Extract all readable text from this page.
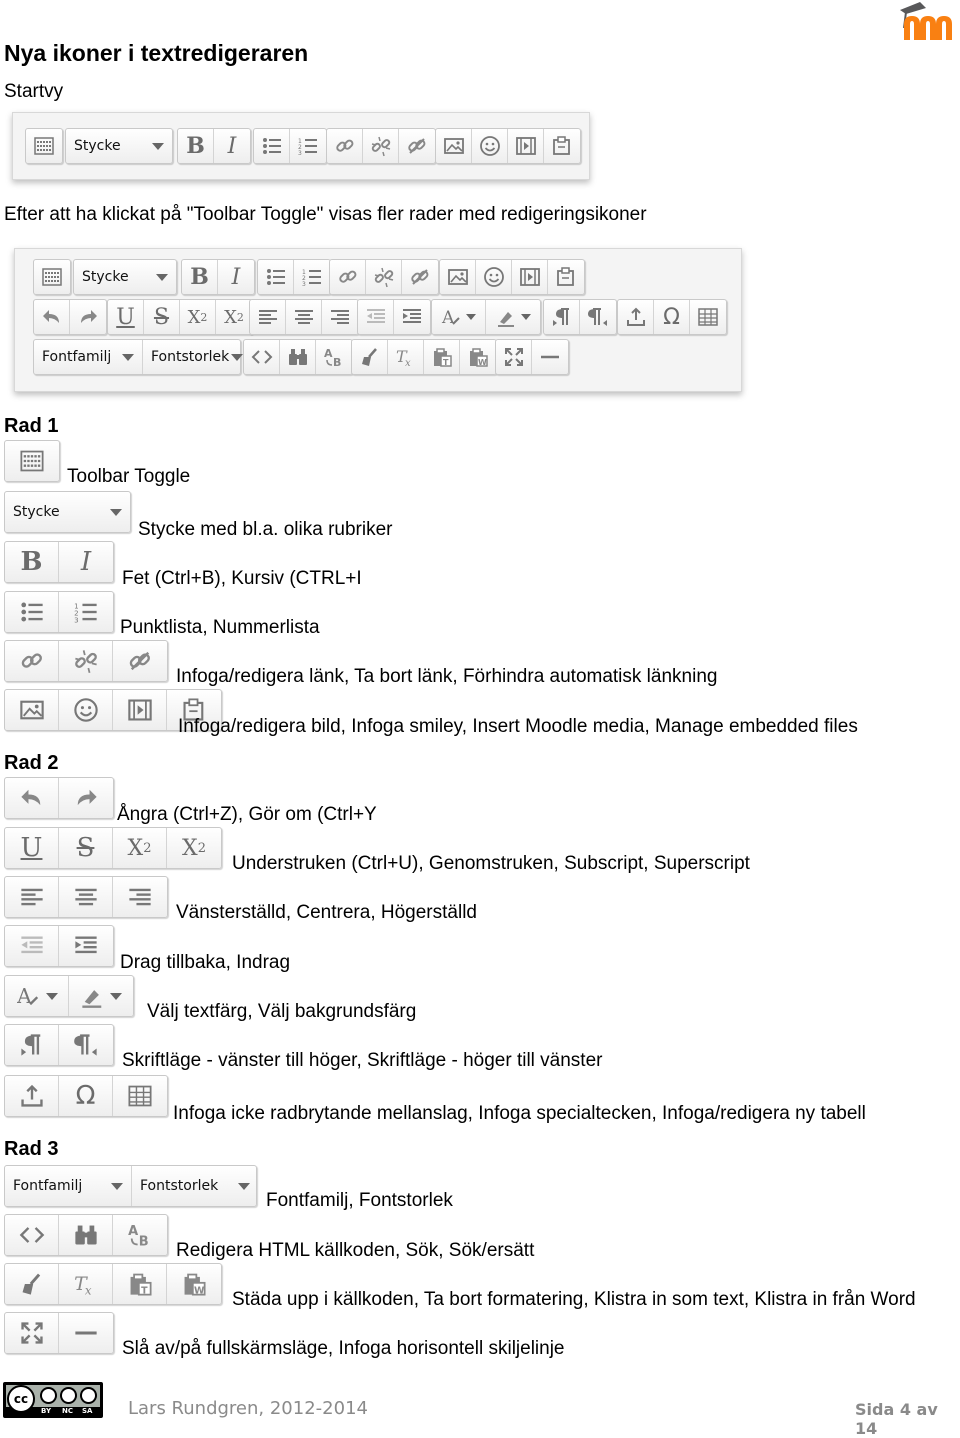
Nya ikoner i textredigeraren
Startvy
Stycke	B	I
Efter att ha klickat på "Toolbar Toggle" visas fler rader med redigeringsikoner
Stycke	B	I
U S	X 2 X 2	Ω
Fontfamilj	Fontstorlek
Rad 1
Toolbar Toggle
Stycke
Stycke med bl.a. olika rubriker
B	I
Fet (Ctrl+B), Kursiv (CTRL+I
Punktlista, Nummerlista
Infoga/redigera länk, Ta bort länk, Förhindra automatisk länkning
Infoga/redigera bild, Infoga smiley, Insert Moodle media, Manage embedded files
Rad 2
Ångra (Ctrl+Z), Gör om (Ctrl+Y
U	S	X 2	X 2
Understruken (Ctrl+U), Genomstruken, Subscript, Superscript
Vänsterställd, Centrera, Högerställd
Drag tillbaka, Indrag
Välj textfärg, Välj bakgrundsfärg
Skriftläge - vänster till höger, Skriftläge - höger till vänster
Ω
Infoga icke radbrytande mellanslag, Infoga specialtecken, Infoga/redigera ny tabell
Rad 3
Fontfamilj	Fontstorlek
Fontfamilj, Fontstorlek
Redigera HTML källkoden, Sök, Sök/ersätt
Städa upp i källkoden, Ta bort formatering, Klistra in som text, Klistra in från Word
Slå av/på fullskärmsläge, Infoga horisontell skiljelinje
cc
BY NC SA Lars Rundgren, 2012-2014	Sida 4 av 14
